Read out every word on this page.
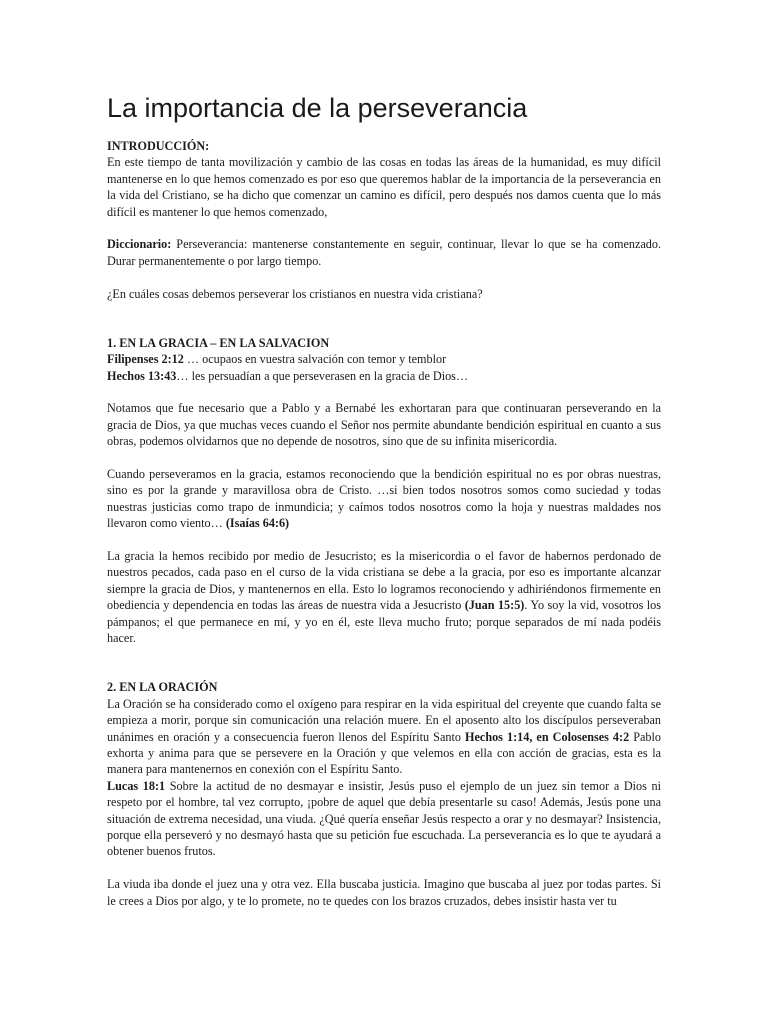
La importancia de la perseverancia

INTRODUCCIÓN:

En este tiempo de tanta movilización y cambio de las cosas en todas las áreas de la humanidad, es muy difícil mantenerse en lo que hemos comenzado es por eso que queremos hablar de la importancia de la perseverancia en la vida del Cristiano, se ha dicho que comenzar un camino es difícil, pero después nos damos cuenta que lo más difícil es mantener lo que hemos comenzado,

Diccionario: Perseverancia: mantenerse constantemente en seguir, continuar, llevar lo que se ha comenzado. Durar permanentemente o por largo tiempo.

¿En cuáles cosas debemos perseverar los cristianos en nuestra vida cristiana?

1. EN LA GRACIA – EN LA SALVACION

Filipenses 2:12 … ocupaos en vuestra salvación con temor y temblor

Hechos 13:43… les persuadían a que perseverasen en la gracia de Dios…

Notamos que fue necesario que a Pablo y a Bernabé les exhortaran para que continuaran perseverando en la gracia de Dios, ya que muchas veces cuando el Señor nos permite abundante bendición espiritual en cuanto a sus obras, podemos olvidarnos que no depende de nosotros, sino que de su infinita misericordia.

Cuando perseveramos en la gracia, estamos reconociendo que la bendición espiritual no es por obras nuestras, sino es por la grande y maravillosa obra de Cristo. …si bien todos nosotros somos como suciedad y todas nuestras justicias como trapo de inmundicia; y caímos todos nosotros como la hoja y nuestras maldades nos llevaron como viento… (Isaías 64:6)

La gracia la hemos recibido por medio de Jesucristo; es la misericordia o el favor de habernos perdonado de nuestros pecados, cada paso en el curso de la vida cristiana se debe a la gracia, por eso es importante alcanzar siempre la gracia de Dios, y mantenernos en ella. Esto lo logramos reconociendo y adhiriéndonos firmemente en obediencia y dependencia en todas las áreas de nuestra vida a Jesucristo (Juan 15:5). Yo soy la vid, vosotros los pámpanos; el que permanece en mí, y yo en él, este lleva mucho fruto; porque separados de mí nada podéis hacer.

2. EN LA ORACIÓN

La Oración se ha considerado como el oxígeno para respirar en la vida espiritual del creyente que cuando falta se empieza a morir, porque sin comunicación una relación muere. En el aposento alto los discípulos perseveraban unánimes en oración y a consecuencia fueron llenos del Espíritu Santo Hechos 1:14, en Colosenses 4:2 Pablo exhorta y anima para que se persevere en la Oración y que velemos en ella con acción de gracias, esta es la manera para mantenernos en conexión con el Espíritu Santo.

Lucas 18:1 Sobre la actitud de no desmayar e insistir, Jesús puso el ejemplo de un juez sin temor a Dios ni respeto por el hombre, tal vez corrupto, ¡pobre de aquel que debía presentarle su caso! Además, Jesús pone una situación de extrema necesidad, una viuda. ¿Qué quería enseñar Jesús respecto a orar y no desmayar? Insistencia, porque ella perseveró y no desmayó hasta que su petición fue escuchada. La perseverancia es lo que te ayudará a obtener buenos frutos.

La viuda iba donde el juez una y otra vez. Ella buscaba justicia. Imagino que buscaba al juez por todas partes. Si le crees a Dios por algo, y te lo promete, no te quedes con los brazos cruzados, debes insistir hasta ver tu
